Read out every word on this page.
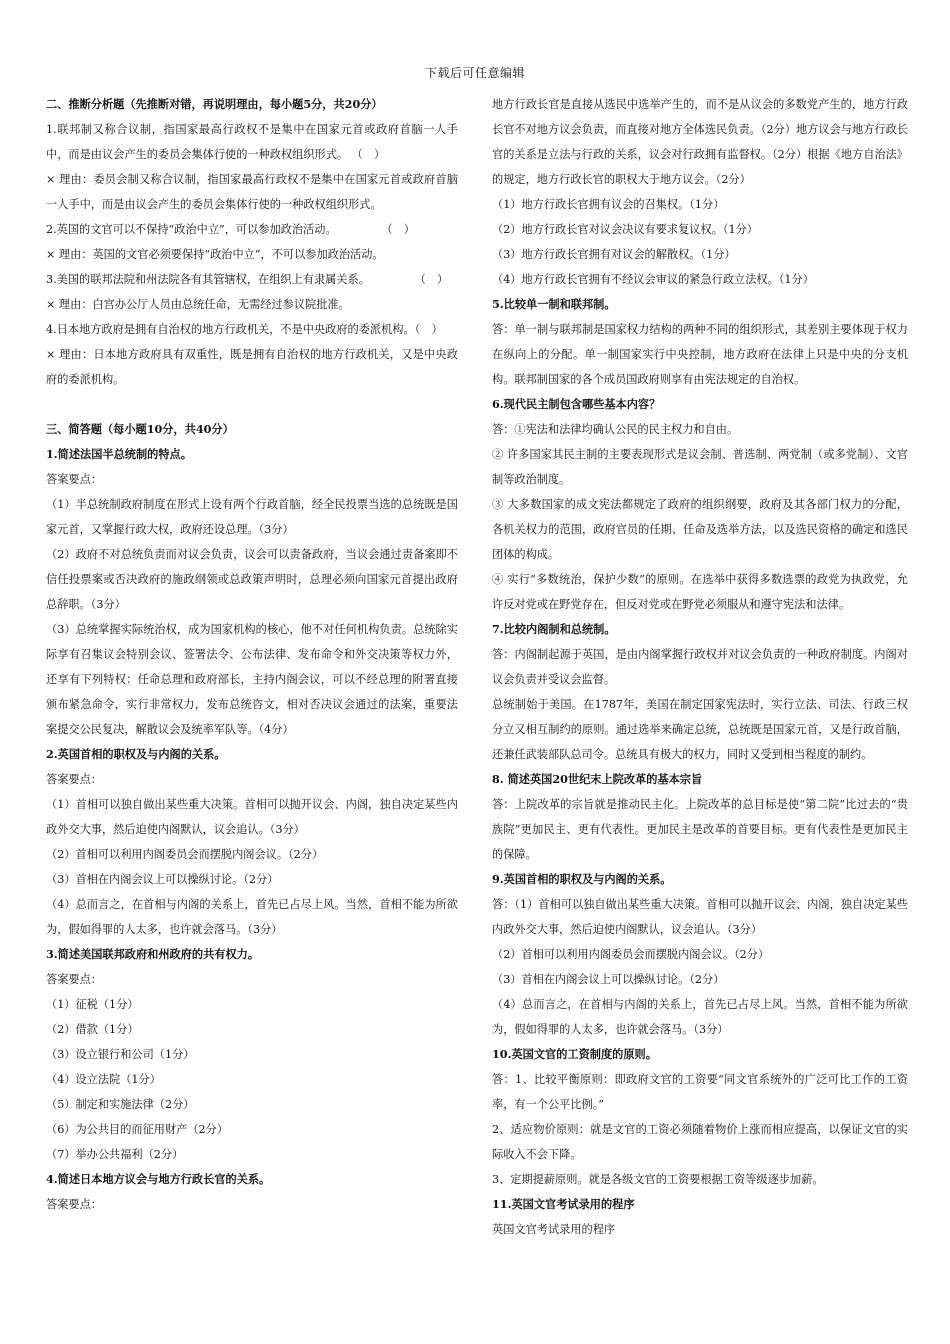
下载后可任意编辑

二、推断分析题（先推断对错，再说明理由，每小题5分，共20分）

1.联邦制又称合议制，指国家最高行政权不是集中在国家元首或政府首脑一人手中，而是由议会产生的委员会集体行使的一种政权组织形式。 （　）

× 理由：委员会制又称合议制，指国家最高行政权不是集中在国家元首或政府首脑一人手中，而是由议会产生的委员会集体行使的一种政权组织形式。

2.英国的文官可以不保持“政治中立”，可以参加政治活动。　　　　　（　）

× 理由：英国的文官必须要保持“政治中立”，不可以参加政治活动。

3.美国的联邦法院和州法院各有其管辖权，在组织上有隶属关系。　　　　　（　）

× 理由：白宫办公厅人员由总统任命，无需经过参议院批准。

4.日本地方政府是拥有自治权的地方行政机关，不是中央政府的委派机构。（　）

× 理由：日本地方政府具有双重性，既是拥有自治权的地方行政机关，又是中央政府的委派机构。

三、简答题（每小题10分，共40分）

1.简述法国半总统制的特点。

答案要点：

（1）半总统制政府制度在形式上设有两个行政首脑，经全民投票当选的总统既是国家元首，又掌握行政大权，政府还设总理。（3分）

（2）政府不对总统负责而对议会负责，议会可以责备政府，当议会通过责备案即不信任投票案或否决政府的施政纲领或总政策声明时，总理必须向国家元首提出政府总辞职。（3分）

（3）总统掌握实际统治权，成为国家机构的核心，他不对任何机构负责。总统除实际享有召集议会特别会议、签署法令、公布法律、发布命令和外交决策等权力外，还享有下列特权：任命总理和政府部长，主持内阁会议，可以不经总理的附署直接颁布紧急命令，实行非常权力，发布总统咨文，相对否决议会通过的法案，重要法案提交公民复决，解散议会及统率军队等。（4分）

2.英国首相的职权及与内阁的关系。

答案要点：

（1）首相可以独自做出某些重大决策。首相可以抛开议会、内阁，独自决定某些内政外交大事，然后迫使内阁默认，议会追认。（3分）

（2）首相可以利用内阁委员会而摆脱内阁会议。（2分）

（3）首相在内阁会议上可以操纵讨论。（2分）

（4）总而言之，在首相与内阁的关系上，首先已占尽上风。当然，首相不能为所欲为，假如得罪的人太多，也许就会落马。（3分）

3.简述美国联邦政府和州政府的共有权力。

答案要点：

（1）征税（1分）

（2）借款（1分）

（3）设立银行和公司（1分）

（4）设立法院（1分）

（5）制定和实施法律（2分）

（6）为公共目的而征用财产（2分）

（7）举办公共福利（2分）

4.简述日本地方议会与地方行政长官的关系。

答案要点：

地方行政长官是直接从选民中选举产生的，而不是从议会的多数党产生的，地方行政长官不对地方议会负责，而直接对地方全体选民负责。（2分）地方议会与地方行政长官的关系是立法与行政的关系，议会对行政拥有监督权。（2分）根据《地方自治法》的规定，地方行政长官的职权大于地方议会。（2分）

（1）地方行政长官拥有议会的召集权。（1分）

（2）地方行政长官对议会决议有要求复议权。（1分）

（3）地方行政长官拥有对议会的解散权。（1分）

（4）地方行政长官拥有不经议会审议的紧急行政立法权。（1分）

5.比较单一制和联邦制。

答：单一制与联邦制是国家权力结构的两种不同的组织形式，其差别主要体现于权力在纵向上的分配。单一制国家实行中央控制，地方政府在法律上只是中央的分支机构。联邦制国家的各个成员国政府则享有由宪法规定的自治权。

6.现代民主制包含哪些基本内容？

答：①宪法和法律均确认公民的民主权力和自由。

② 许多国家其民主制的主要表现形式是议会制、普选制、两党制（或多党制）、文官制等政治制度。

③ 大多数国家的成文宪法都规定了政府的组织纲要，政府及其各部门权力的分配，各机关权力的范围，政府官员的任期、任命及选举方法，以及选民资格的确定和选民团体的构成。

④ 实行“多数统治，保护少数”的原则。在选举中获得多数选票的政党为执政党，允许反对党或在野党存在，但反对党或在野党必须服从和遵守宪法和法律。

7.比较内阁制和总统制。

答：内阁制起源于英国，是由内阁掌握行政权并对议会负责的一种政府制度。内阁对议会负责并受议会监督。

总统制始于美国。在1787年，美国在制定国家宪法时，实行立法、司法、行政三权分立又相互制约的原则。通过选举来确定总统，总统既是国家元首，又是行政首脑，还兼任武装部队总司令。总统具有极大的权力，同时又受到相当程度的制约。

8. 简述英国20世纪末上院改革的基本宗旨

答：上院改革的宗旨就是推动民主化。上院改革的总目标是使“第二院”比过去的“贵族院”更加民主、更有代表性。更加民主是改革的首要目标。更有代表性是更加民主的保障。

9.英国首相的职权及与内阁的关系。

答：（1）首相可以独自做出某些重大决策。首相可以抛开议会、内阁，独自决定某些内政外交大事，然后迫使内阁默认，议会追认。（3分）

（2）首相可以利用内阁委员会而摆脱内阁会议。（2分）

（3）首相在内阁会议上可以操纵讨论。（2分）

（4）总而言之，在首相与内阁的关系上，首先已占尽上风。当然，首相不能为所欲为，假如得罪的人太多，也许就会落马。（3分）

10.英国文官的工资制度的原则。

答：1、比较平衡原则：即政府文官的工资要“同文官系统外的广泛可比工作的工资率，有一个公平比例。”

2、适应物价原则：就是文官的工资必须随着物价上涨而相应提高，以保证文官的实际收入不会下降。

3、定期提薪原则。就是各级文官的工资要根据工资等级逐步加薪。

11.英国文官考试录用的程序

英国文官考试录用的程序
